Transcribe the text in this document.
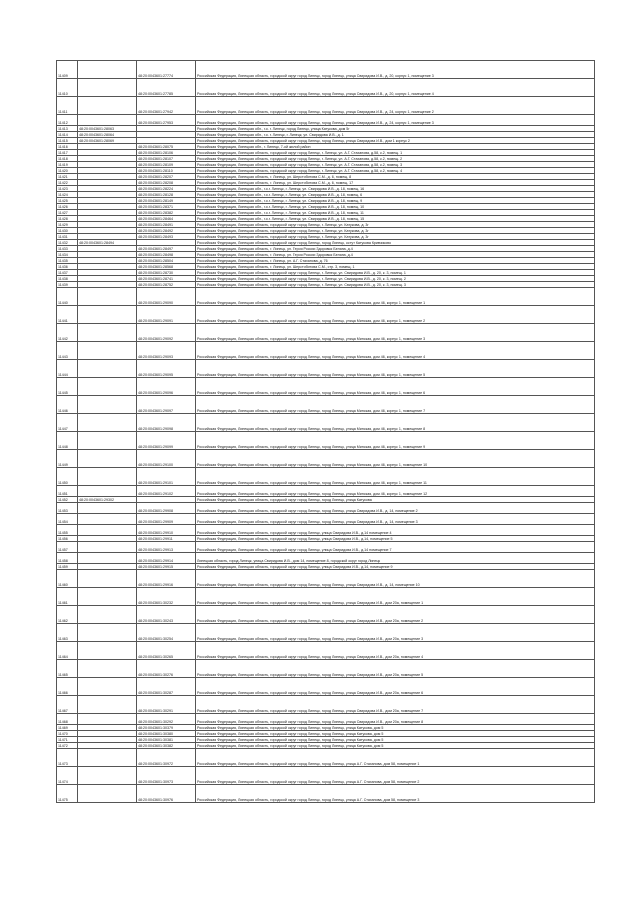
11409		48:20:0043601:27774	Российская Федерация, Липецкая область, городской округ город Липецк, город Липецк, улица Свиридова И.В., д. 20, корпус 1, помещение 3
11410		48:20:0043601:27785	Российская Федерация, Липецкая область, городской округ город Липецк, город Липецк, улица Свиридова И.В., д. 20, корпус 1, помещение 4
11411		48:20:0043601:27942	Российская Федерация, Липецкая область, городской округ город Липецк, город Липецк, улица Свиридова И.В., д. 24, корпус 1, помещение 2
11412		48:20:0043601:27953	Российская Федерация, Липецкая область, городской округ город Липецк, город Липецк, улица Свиридова И.В., д. 24, корпус 1, помещение 3
11413	48:20:0043601:28063		Российская Федерация, Липецкая обл., г.о. г. Липецк, город Липецк, улица Катукова, дом 5г
11414	48:20:0043601:28064		Российская Федерация, Липецкая обл., г.о. г. Липецк, г. Липецк, ул. Свиридова И.В., д. 1
11415	48:20:0043601:28069		Российская Федерация, Липецкая область, городской округ город Липецк, город Липецк, улица Свиридова И.В., дом 1 корпус 2
11416		48:20:0043601:28075	Российская Федерация, Липецкая обл., г. Липецк, 7-ой жилой район
11417		48:20:0043601:28106	Российская Федерация, Липецкая область, городской округ город Липецк, г. Липецк, ул. А.Г. Стаханова, д.58, к.2, помещ. 1
11418		48:20:0043601:28107	Российская Федерация, Липецкая область, городской округ город Липецк, г. Липецк, ул. А.Г. Стаханова, д.58, к.2, помещ. 2
11419		48:20:0043601:28109	Российская Федерация, Липецкая область, городской округ город Липецк, г. Липецк, ул. А.Г. Стаханова, д.58, к.2, помещ. 3
11420		48:20:0043601:28110	Российская Федерация, Липецкая область, городской округ город Липецк, г. Липецк, ул. А.Г. Стаханова, д.58, к.2, помещ. 4
11421		48:20:0043601:28207	Российская Федерация, Липецкая область, г. Липецк, ул. Шерстобитова С.М., д. 6, помещ. 8
11422		48:20:0043601:28208	Российская Федерация, Липецкая область, г. Липецк, ул. Шерстобитова С.М., д. 6, помещ. 17
11423		48:20:0043601:28224	Российская Федерация, Липецкая обл., г.о.г. Липецк, г. Липецк, ул. Свиридова И.В., д. 18, помещ. 16
11424		48:20:0043601:28128	Российская Федерация, Липецкая обл., г.о.г. Липецк, г. Липецк, ул. Свиридова И.В., д. 18, помещ. 6
11425		48:20:0043601:28149	Российская Федерация, Липецкая обл., г.о.г. Липецк, г. Липецк, ул. Свиридова И.В., д. 18, помещ. 9
11426		48:20:0043601:28371	Российская Федерация, Липецкая обл., г.о.г. Липецк, г. Липецк, ул. Свиридова И.В., д. 18, помещ. 10
11427		48:20:0043601:28382	Российская Федерация, Липецкая обл., г.о.г. Липецк, г. Липецк, ул. Свиридова И.В., д. 18, помещ. 11
11428		48:20:0043601:28464	Российская Федерация, Липецкая обл., г.о.г. Липецк, г. Липецк, ул. Свиридова И.В., д. 18, помещ. 15
11429		48:20:0043601:28491	Российская Федерация, Липецкая область, городской округ город Липецк, г. Липецк, ул. Катукова, д. 3г
11430		48:20:0043601:28492	Российская Федерация, Липецкая область, городской округ город Липецк, г. Липецк, ул. Катукова, д. 3г
11431		48:20:0043601:28493	Российская Федерация, Липецкая область, городской округ город Липецк, г. Липецк, ул. Катукова, д. 3г
11432	48:20:0043601:28494		Российская Федерация, Липецкая область, городской округ город Липецк, город Липецк, остут Катукова Кривчиково
11433		48:20:0043601:28497	Российская Федерация, Липецкая область, г. Липецк, ул. Героя России Здоровья Белана, д.4
11434		48:20:0043601:28498	Российская Федерация, Липецкая область, г. Липецк, ул. Героя России Здоровья Белана, д.4
11435		48:20:0043601:28504	Российская Федерация, Липецкая область, г. Липецк, ул. А.Г. Стаханова, д. 76
11436		48:20:0043601:28568	Российская Федерация, Липецкая область, г. Липецк, ул. Шерстобитова С.М., стр. 3, помещ. 1
11437		48:20:0043601:28730	Российская Федерация, Липецкая область, городской округ город Липецк, г. Липецк, ул. Свиридова И.В., д. 20, к. 3, помещ. 1
11438		48:20:0043601:28741	Российская Федерация, Липецкая область, городской округ город Липецк, г. Липецк, ул. Свиридова И.В., д. 20, к. 3, помещ. 2
11439		48:20:0043601:28752	Российская Федерация, Липецкая область, городской округ город Липецк, г. Липецк, ул. Свиридова И.В., д. 20, к. 3, помещ. 3
11440		48:20:0043601:29090	Российская Федерация, Липецкая область, городской округ город Липецк, город Липецк, улица Минская, дом 46, корпус 1, помещение 1
11441		48:20:0043601:29091	Российская Федерация, Липецкая область, городской округ город Липецк, город Липецк, улица Минская, дом 46, корпус 1, помещение 2
11442		48:20:0043601:29092	Российская Федерация, Липецкая область, городской округ город Липецк, город Липецк, улица Минская, дом 46, корпус 1, помещение 3
11443		48:20:0043601:29093	Российская Федерация, Липецкая область, городской округ город Липецк, город Липецк, улица Минская, дом 46, корпус 1, помещение 4
11444		48:20:0043601:29095	Российская Федерация, Липецкая область, городской округ город Липецк, город Липецк, улица Минская, дом 46, корпус 1, помещение 5
11445		48:20:0043601:29096	Российская Федерация, Липецкая область, городской округ город Липецк, город Липецк, улица Минская, дом 46, корпус 1, помещение 6
11446		48:20:0043601:29097	Российская Федерация, Липецкая область, городской округ город Липецк, город Липецк, улица Минская, дом 46, корпус 1, помещение 7
11447		48:20:0043601:29098	Российская Федерация, Липецкая область, городской округ город Липецк, город Липецк, улица Минская, дом 46, корпус 1, помещение 8
11448		48:20:0043601:29099	Российская Федерация, Липецкая область, городской округ город Липецк, город Липецк, улица Минская, дом 46, корпус 1, помещение 9
11449		48:20:0043601:29100	Российская Федерация, Липецкая область, городской округ город Липецк, город Липецк, улица Минская, дом 46, корпус 1, помещение 10
11450		48:20:0043601:29101	Российская Федерация, Липецкая область, городской округ город Липецк, город Липецк, улица Минская, дом 46, корпус 1, помещение 11
11451		48:20:0043601:29102	Российская Федерация, Липецкая область, городской округ город Липецк, город Липецк, улица Минская, дом 46, корпус 1, помещение 12
11452	48:20:0043601:29302		Российская Федерация, Липецкая область, городской округ город Липецк, город Липецк, улица Катукова
11453		48:20:0043601:29908	Российская Федерация, Липецкая область, городской округ город Липецк, город Липецк, улица Свиридова И.В., д. 14, помещение 2
11454		48:20:0043601:29909	Российская Федерация, Липецкая область, городской округ город Липецк, город Липецк, улица Свиридова И.В., д. 14, помещение 3
11455		48:20:0043601:29910	Российская Федерация, Липецкая область, городской округ город Липецк, улица Свиридова И.В., д.14 помещение 4
11456		48:20:0043601:29911	Российская Федерация, Липецкая область, городской округ город Липецк, улица Свиридова И.В., д.14, помещение 5
11457		48:20:0043601:29913	Российская Федерация, Липецкая область, городской округ город Липецк, улица Свиридова И.В., д.14 помещение 7
11458		48:20:0043601:29914	Липецкая область, город Липецк, улица Свиридова И.В., дом 14, помещение 8, городской округ город Липецк
11459		48:20:0043601:29915	Российская Федерация, Липецкая область, городской округ город Липецк, улица Свиридова И.В., д.14, помещение 9
11460		48:20:0043601:29916	Российская Федерация, Липецкая область, городской округ город Липецк, город Липецк, улица Свиридова И.В., д. 14, помещение 10
11461		48:20:0043601:30232	Российская Федерация, Липецкая область, городской округ город Липецк, город Липецк, улица Свиридова И.В., дом 20а, помещение 1
11462		48:20:0043601:30243	Российская Федерация, Липецкая область, городской округ город Липецк, город Липецк, улица Свиридова И.В., дом 20а, помещение 2
11463		48:20:0043601:30254	Российская Федерация, Липецкая область, городской округ город Липецк, город Липецк, улица Свиридова И.В., дом 20а, помещение 3
11464		48:20:0043601:30265	Российская Федерация, Липецкая область, городской округ город Липецк, город Липецк, улица Свиридова И.В., дом 20а, помещение 4
11465		48:20:0043601:30276	Российская Федерация, Липецкая область, городской округ город Липецк, город Липецк, улица Свиридова И.В., дом 20а, помещение 5
11466		48:20:0043601:30287	Российская Федерация, Липецкая область, городской округ город Липецк, город Липецк, улица Свиридова И.В., дом 20а, помещение 6
11467		48:20:0043601:30291	Российская Федерация, Липецкая область, городской округ город Липецк, город Липецк, улица Свиридова И.В., дом 20а, помещение 7
11468		48:20:0043601:30292	Российская Федерация, Липецкая область, городской округ город Липецк, город Липецк, улица Свиридова И.В., дом 20а, помещение 8
11469		48:20:0043601:30379	Российская Федерация, Липецкая область, городской округ город Липецк, город Липецк, улица Катукова, дом 5
11470		48:20:0043601:30380	Российская Федерация, Липецкая область, городской округ город Липецк, город Липецк, улица Катукова, дом 5
11471		48:20:0043601:30381	Российская Федерация, Липецкая область, городской округ город Липецк, город Липецк, улица Катукова, дом 5
11472		48:20:0043601:30382	Российская Федерация, Липецкая область, городской округ город Липецк, город Липецк, улица Катукова, дом 5
11473		48:20:0043601:30972	Российская Федерация, Липецкая область, городской округ город Липецк, город Липецк, улица А.Г. Стаханова, дом 58, помещение 1
11474		48:20:0043601:30973	Российская Федерация, Липецкая область, городской округ город Липецк, город Липецк, улица А.Г. Стаханова, дом 58, помещение 2
11475		48:20:0043601:30976	Российская Федерация, Липецкая область, городской округ город Липецк, город Липецк, улица А.Г. Стаханова, дом 58, помещение 3
